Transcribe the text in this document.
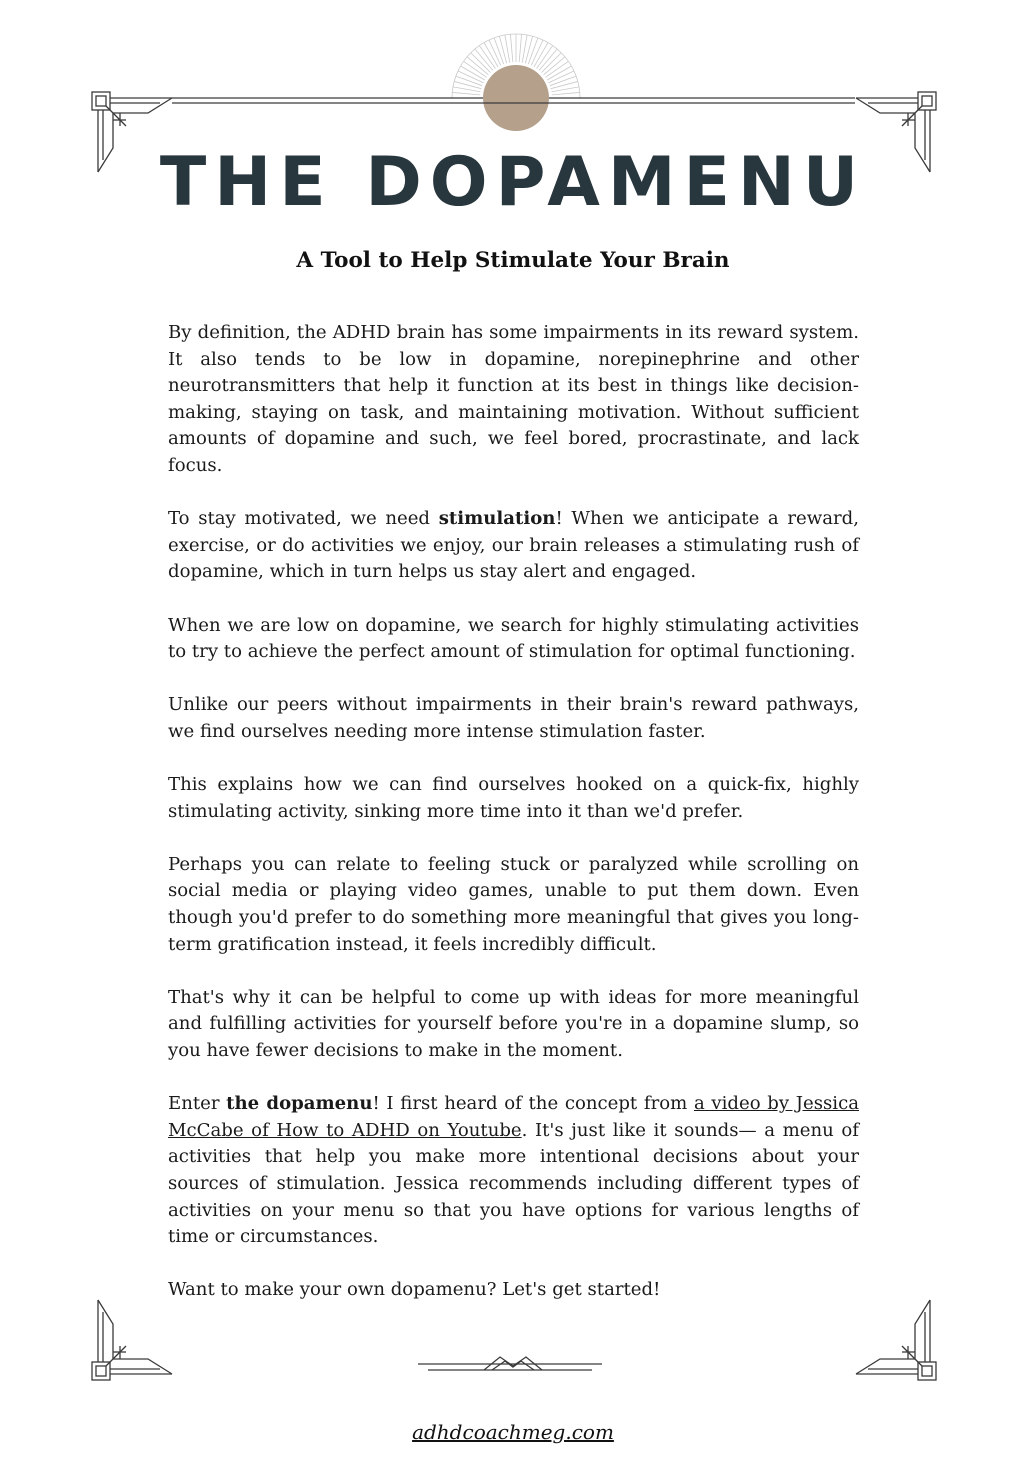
THE DOPAMENU
A Tool to Help Stimulate Your Brain

By definition, the ADHD brain has some impairments in its reward system. It also tends to be low in dopamine, norepinephrine and other neurotransmitters that help it function at its best in things like decision-making, staying on task, and maintaining motivation. Without sufficient amounts of dopamine and such, we feel bored, procrastinate, and lack focus.

To stay motivated, we need stimulation! When we anticipate a reward, exercise, or do activities we enjoy, our brain releases a stimulating rush of dopamine, which in turn helps us stay alert and engaged.

When we are low on dopamine, we search for highly stimulating activities to try to achieve the perfect amount of stimulation for optimal functioning.

Unlike our peers without impairments in their brain's reward pathways, we find ourselves needing more intense stimulation faster.

This explains how we can find ourselves hooked on a quick-fix, highly stimulating activity, sinking more time into it than we'd prefer.

Perhaps you can relate to feeling stuck or paralyzed while scrolling on social media or playing video games, unable to put them down. Even though you'd prefer to do something more meaningful that gives you long-term gratification instead, it feels incredibly difficult.

That's why it can be helpful to come up with ideas for more meaningful and fulfilling activities for yourself before you're in a dopamine slump, so you have fewer decisions to make in the moment.

Enter the dopamenu! I first heard of the concept from a video by Jessica McCabe of How to ADHD on Youtube. It's just like it sounds— a menu of activities that help you make more intentional decisions about your sources of stimulation. Jessica recommends including different types of activities on your menu so that you have options for various lengths of time or circumstances.

Want to make your own dopamenu? Let's get started!

adhdcoachmeg.com
